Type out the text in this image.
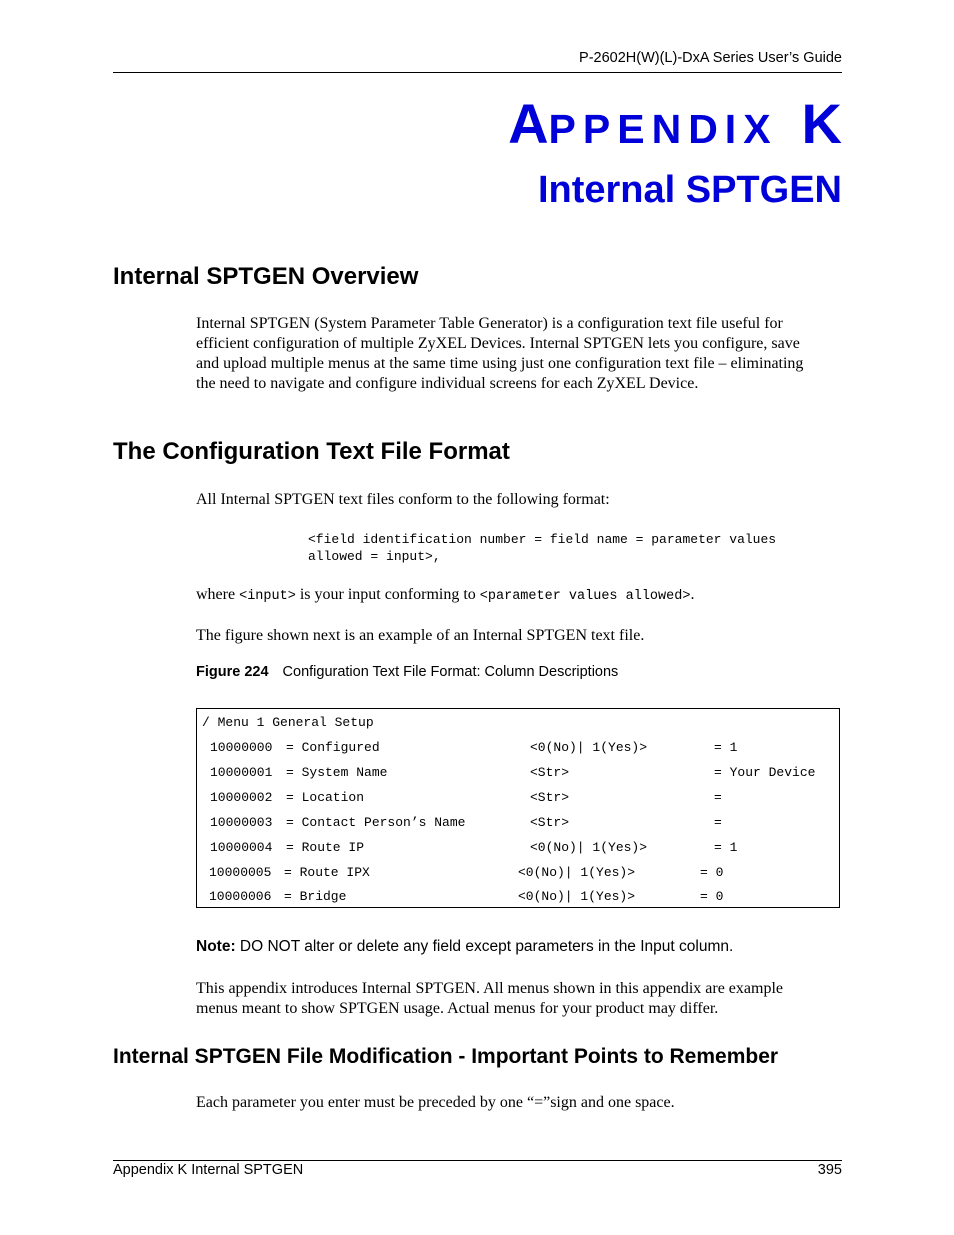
P-2602H(W)(L)-DxA Series User’s Guide
APPENDIX K
Internal SPTGEN
Internal SPTGEN Overview
Internal SPTGEN (System Parameter Table Generator) is a configuration text file useful for
efficient configuration of multiple ZyXEL Devices. Internal SPTGEN lets you configure, save
and upload multiple menus at the same time using just one configuration text file – eliminating
the need to navigate and configure individual screens for each ZyXEL Device.
The Configuration Text File Format
All Internal SPTGEN text files conform to the following format:
<field identification number = field name = parameter values
allowed = input>,
where <input> is your input conforming to <parameter values allowed>.
The figure shown next is an example of an Internal SPTGEN text file.
Figure 224 Configuration Text File Format: Column Descriptions
/ Menu 1 General Setup
10000000 = Configured	<0(No)| 1(Yes)>	= 1
10000001 = System Name	<Str>	= Your Device
10000002 = Location	<Str>	=
10000003 = Contact Person’s Name	<Str>	=
10000004 = Route IP	<0(No)| 1(Yes)>	= 1
10000005 = Route IPX	<0(No)| 1(Yes)>	= 0
10000006 = Bridge	<0(No)| 1(Yes)>	= 0
Note: DO NOT alter or delete any field except parameters in the Input column.
This appendix introduces Internal SPTGEN. All menus shown in this appendix are example
menus meant to show SPTGEN usage. Actual menus for your product may differ.
Internal SPTGEN File Modification - Important Points to Remember
Each parameter you enter must be preceded by one “=”sign and one space.
Appendix K Internal SPTGEN	395
